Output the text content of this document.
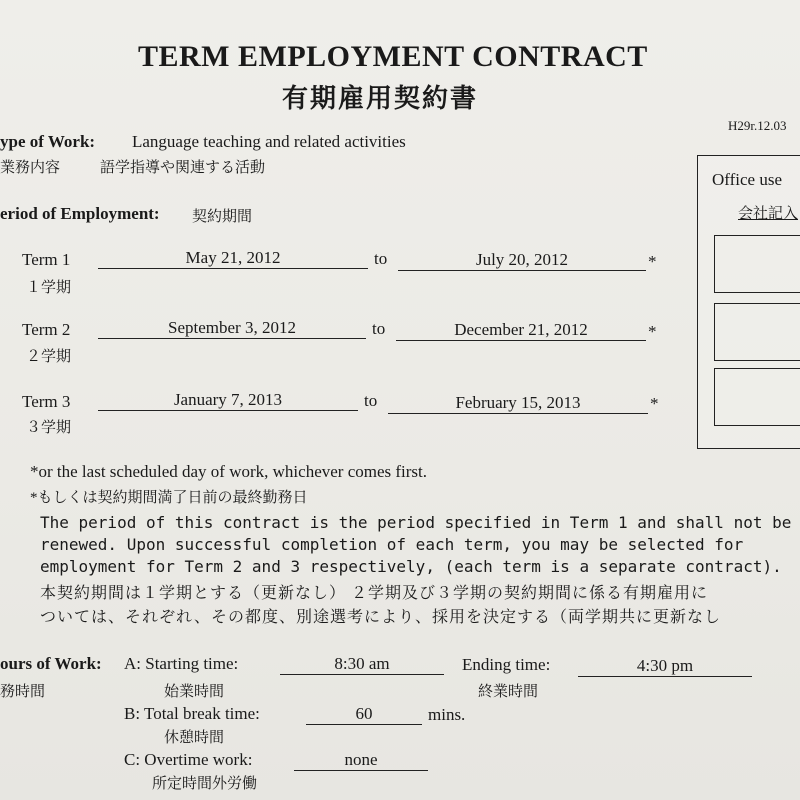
TERM EMPLOYMENT CONTRACT
有期雇用契約書
H29r.12.03
Office use
会社記入
ype of Work: Language teaching and related activities
業務内容	語学指導や関連する活動
eriod of Employment: 契約期間
Term 1
１学期
May 21, 2012	to	July 20, 2012	*
Term 2
２学期
September 3, 2012	to	December 21, 2012	*
Term 3
３学期
January 7, 2013	to	February 15, 2013	*
*or the last scheduled day of work, whichever comes first.
*もしくは契約期間満了日前の最終勤務日
The period of this contract is the period specified in Term 1 and shall not be
renewed. Upon successful completion of each term, you may be selected for
employment for Term 2 and 3 respectively, (each term is a separate contract).
本契約期間は１学期とする（更新なし） ２学期及び３学期の契約期間に係る有期雇用に
ついては、それぞれ、その都度、別途選考により、採用を決定する（両学期共に更新なし
ours of Work:
務時間
A: Starting time:	8:30 am
始業時間
Ending time:	4:30 pm
終業時間
B: Total break time:	60	mins.
休憩時間
C: Overtime work:	none
所定時間外労働
